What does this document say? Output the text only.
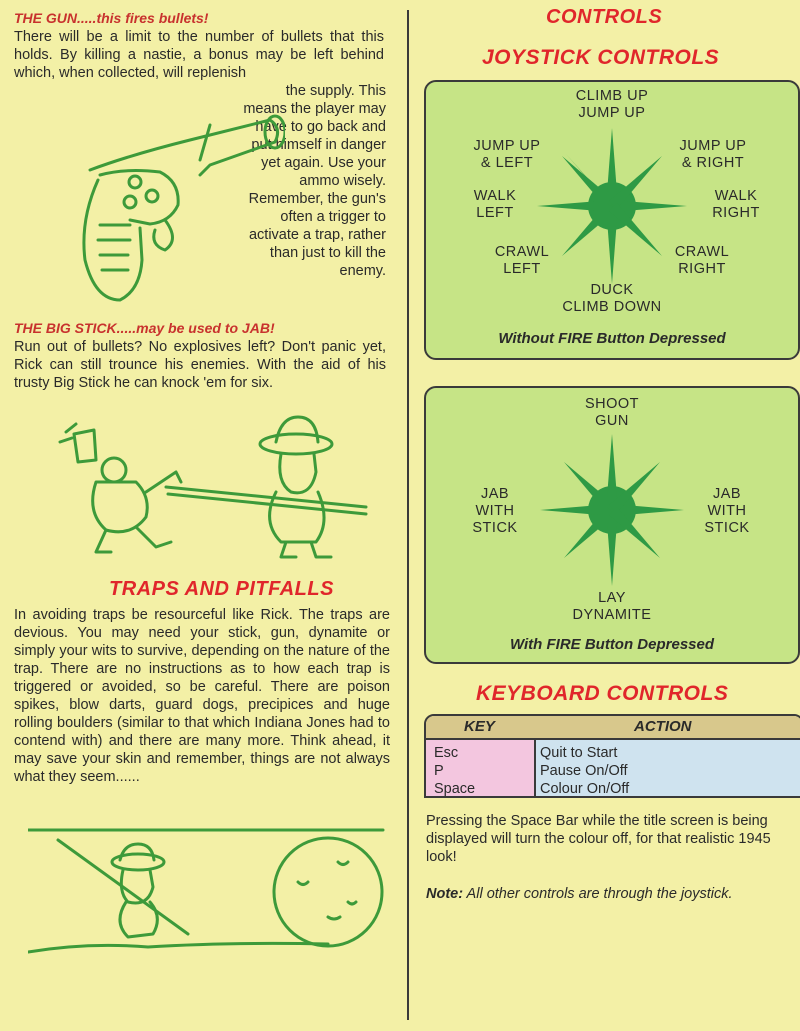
THE GUN.....this fires bullets!

There will be a limit to the number of bullets that this holds. By killing a nastie, a bonus may be left behind which, when collected, will replenish

the supply. This means the player may have to go back and put himself in danger yet again. Use your ammo wisely. Remember, the gun's often a trigger to activate a trap, rather than just to kill the enemy.
THE BIG STICK.....may be used to JAB!

Run out of bullets? No explosives left? Don't panic yet, Rick can still trounce his enemies. With the aid of his trusty Big Stick he can knock 'em for six.

TRAPS AND PITFALLS

In avoiding traps be resourceful like Rick. The traps are devious. You may need your stick, gun, dynamite or simply your wits to survive, depending on the nature of the trap. There are no instructions as to how each trap is triggered or avoided, so be careful. There are poison spikes, blow darts, guard dogs, precipices and huge rolling boulders (similar to that which Indiana Jones had to contend with) and there are many more. Think ahead, it may save your skin and remember, things are not always what they seem......

CONTROLS
JOYSTICK CONTROLS
CLIMB UP
JUMP UP
JUMP UP
& LEFT
JUMP UP
& RIGHT
WALK
LEFT
WALK
RIGHT
CRAWL
LEFT
CRAWL
RIGHT
DUCK
CLIMB DOWN
Without FIRE Button Depressed
SHOOT
GUN
JAB
WITH
STICK
JAB
WITH
STICK
LAY
DYNAMITE
With FIRE Button Depressed
KEYBOARD CONTROLS
KEY	ACTION
Esc
P
Space
Quit to Start
Pause On/Off
Colour On/Off
Pressing the Space Bar while the title screen is being displayed will turn the colour off, for that realistic 1945 look!
Note: All other controls are through the joystick.
